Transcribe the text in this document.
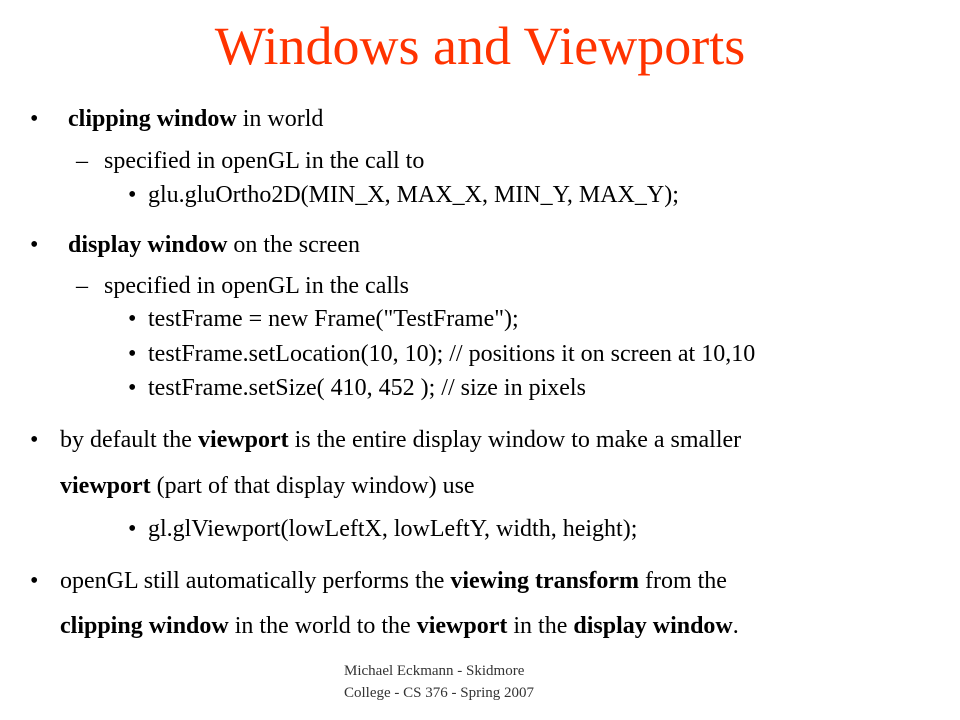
Windows and Viewports
• clipping window in world
– specified in openGL in the call to
• glu.gluOrtho2D(MIN_X, MAX_X, MIN_Y, MAX_Y);
• display window on the screen
– specified in openGL in the calls
• testFrame = new Frame("TestFrame");
• testFrame.setLocation(10, 10); // positions it on screen at 10,10
• testFrame.setSize( 410, 452 ); // size in pixels
• by default the viewport is the entire display window to make a smaller
viewport (part of that display window) use
• gl.glViewport(lowLeftX, lowLeftY, width, height);
• openGL still automatically performs the viewing transform from the
clipping window in the world to the viewport in the display window.
Michael Eckmann - Skidmore
College - CS 376 - Spring 2007
